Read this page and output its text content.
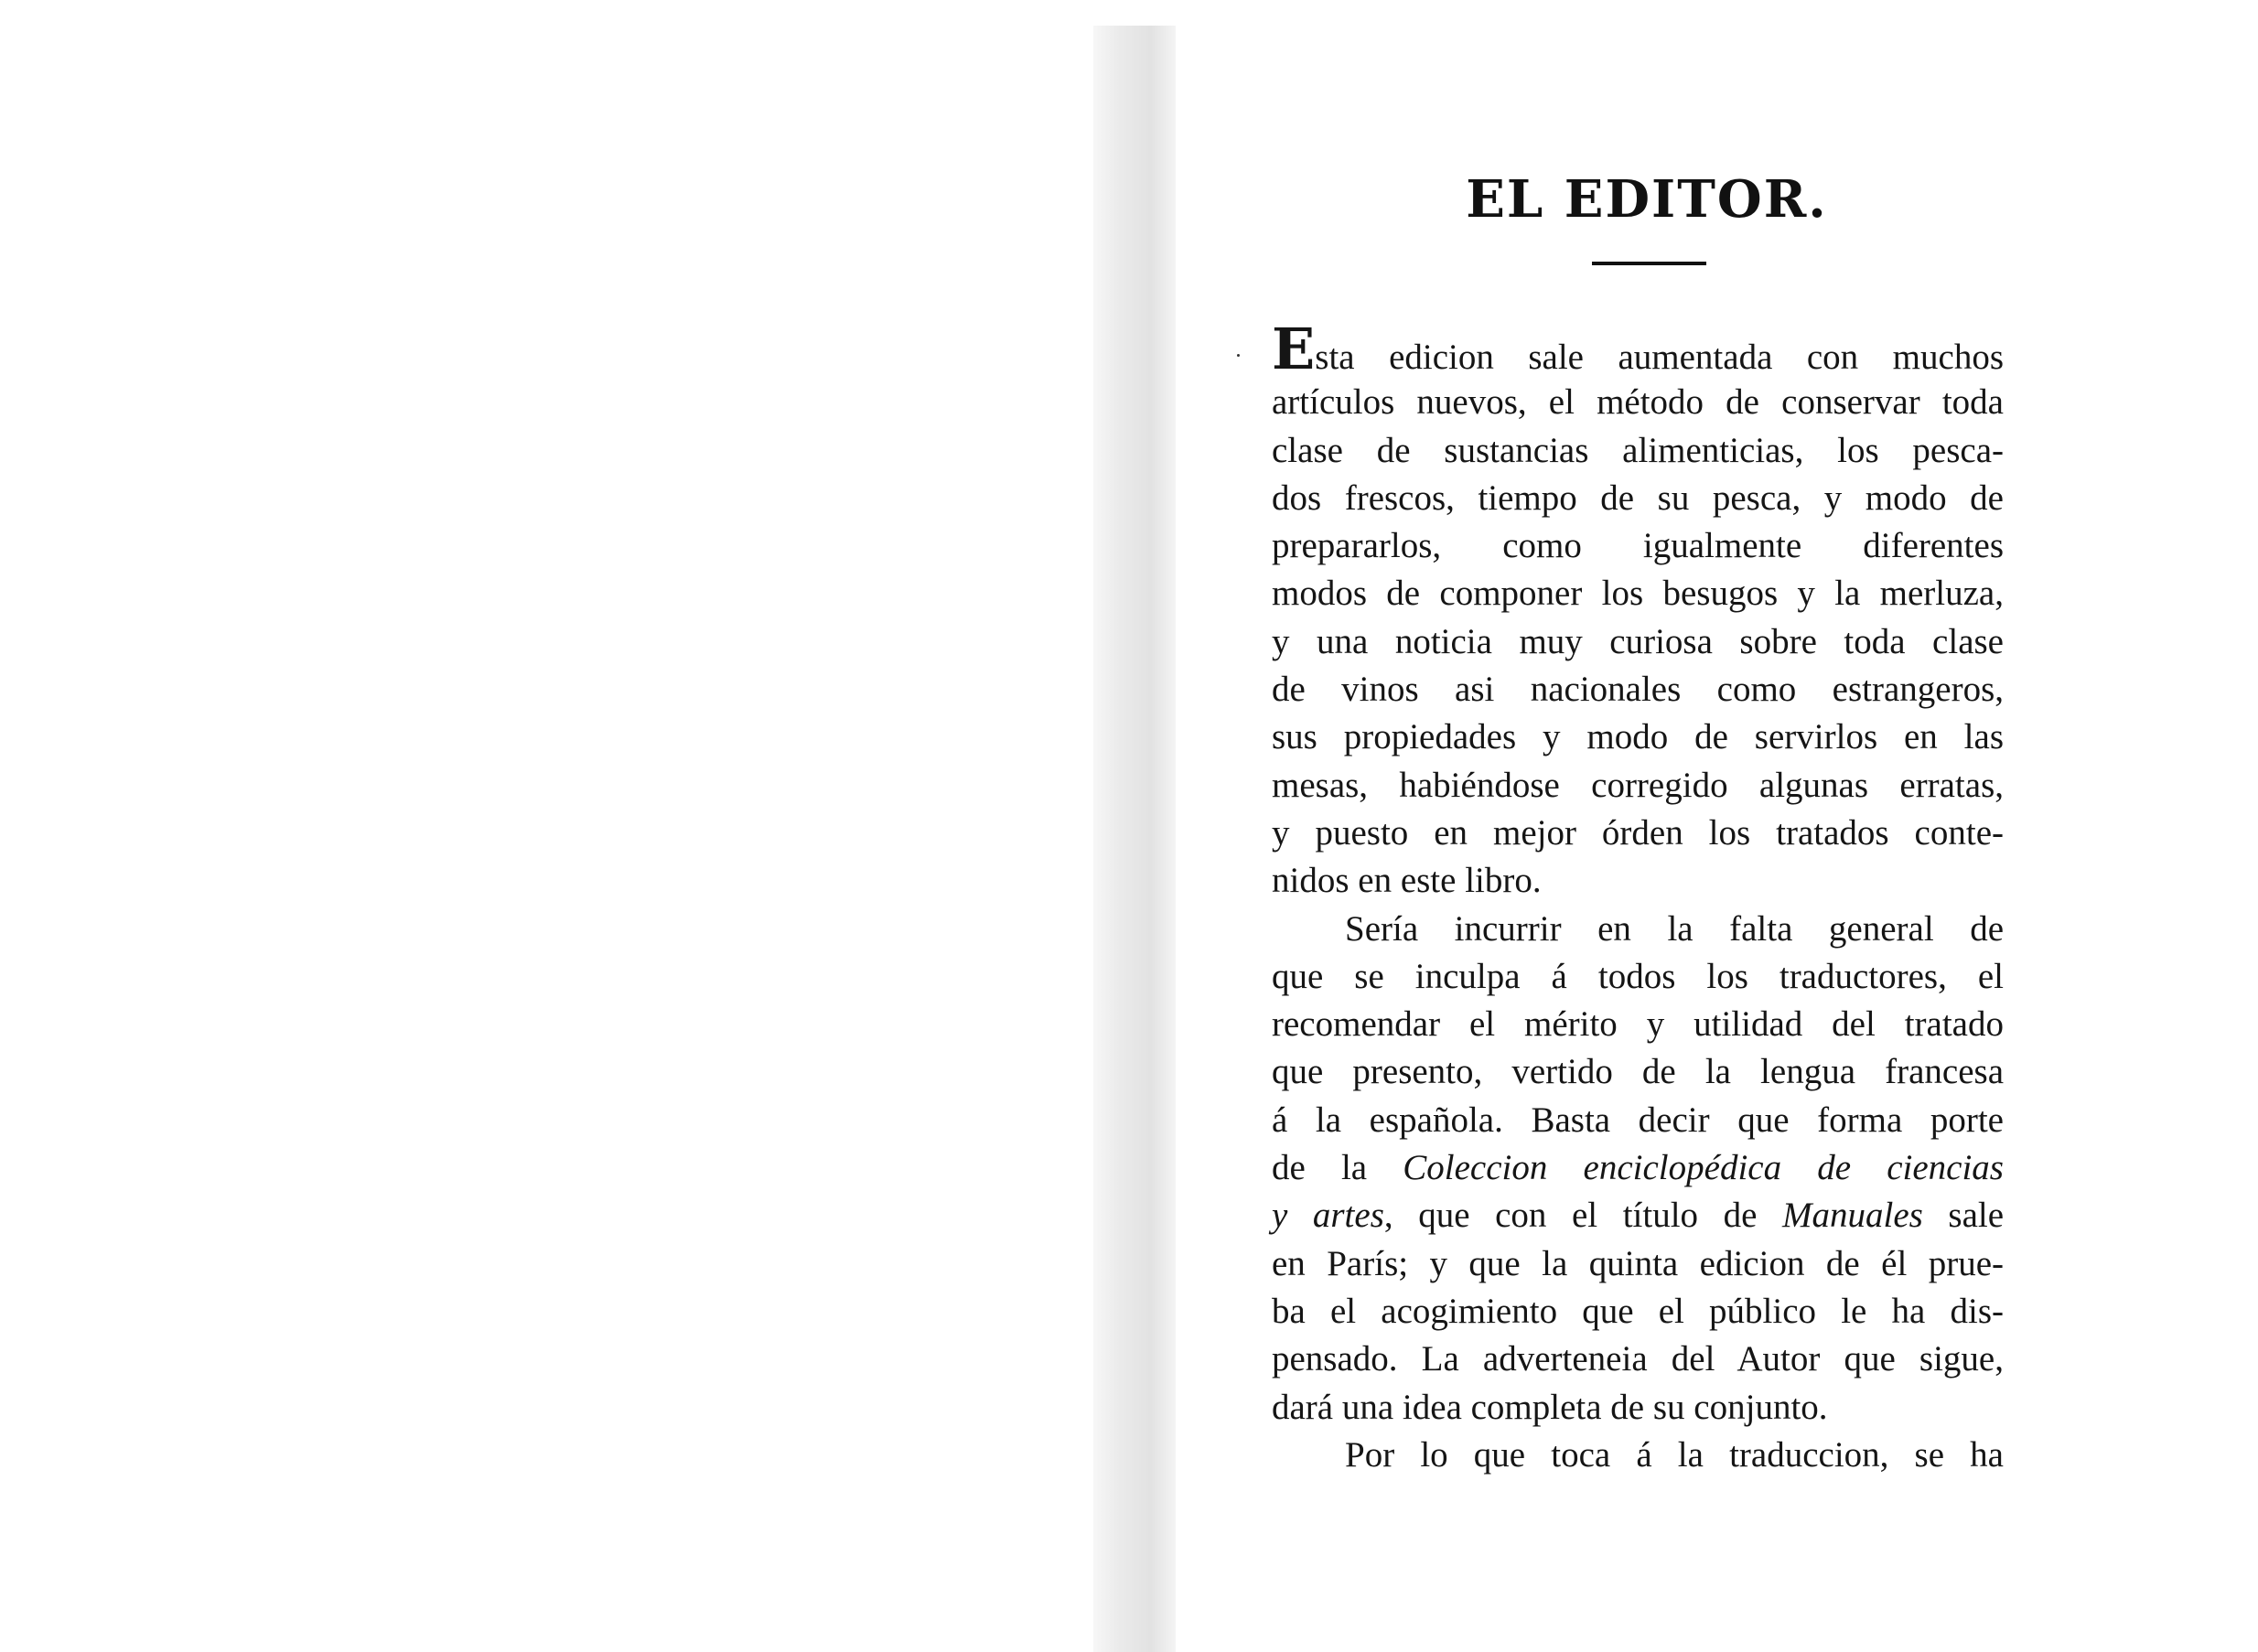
EL EDITOR.
Esta edicion sale aumentada con muchos
artículos nuevos, el método de conservar toda
clase de sustancias alimenticias, los pesca-
dos frescos, tiempo de su pesca, y modo de
prepararlos, como igualmente diferentes
modos de componer los besugos y la merluza,
y una noticia muy curiosa sobre toda clase
de vinos asi nacionales como estrangeros,
sus propiedades y modo de servirlos en las
mesas, habiéndose corregido algunas erratas,
y puesto en mejor órden los tratados conte-
nidos en este libro.
Sería incurrir en la falta general de
que se inculpa á todos los traductores, el
recomendar el mérito y utilidad del tratado
que presento, vertido de la lengua francesa
á la española. Basta decir que forma porte
de la Coleccion enciclopédica de ciencias
y artes, que con el título de Manuales sale
en París; y que la quinta edicion de él prue-
ba el acogimiento que el público le ha dis-
pensado. La adverteneia del Autor que sigue,
dará una idea completa de su conjunto.
Por lo que toca á la traduccion, se ha
